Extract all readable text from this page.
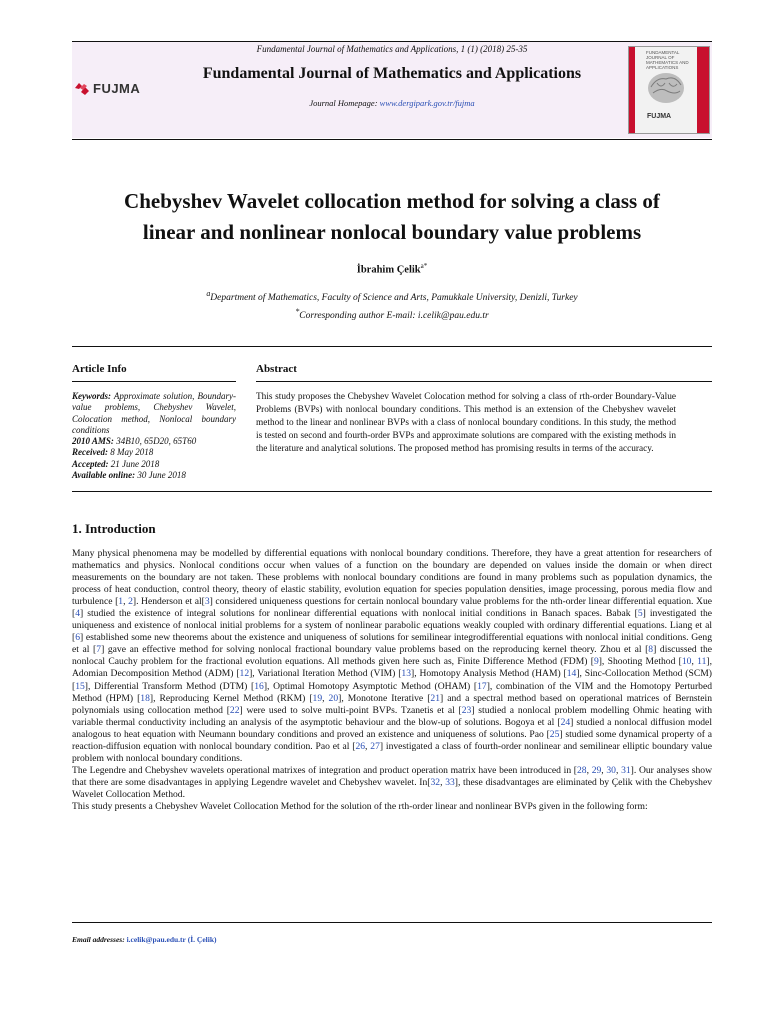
Fundamental Journal of Mathematics and Applications, 1 (1) (2018) 25-35
Fundamental Journal of Mathematics and Applications
Journal Homepage: www.dergipark.gov.tr/fujma
FUJMA
FUNDAMENTAL JOURNAL OF MATHEMATICS AND APPLICATIONS
FUJMA
Chebyshev Wavelet collocation method for solving a class of
linear and nonlinear nonlocal boundary value problems
İbrahim Çelik$^{a*}$
$^a$Department of Mathematics, Faculty of Science and Arts, Pamukkale University, Denizli, Turkey
*Corresponding author E-mail: i.celik@pau.edu.tr
Article Info	Abstract
Keywords: Approximate solution, Boundary-value problems, Chebyshev Wavelet, Colocation method, Nonlocal boundary conditions
2010 AMS: 34B10, 65D20, 65T60
Received: 8 May 2018
Accepted: 21 June 2018
Available online: 30 June 2018
This study proposes the Chebyshev Wavelet Colocation method for solving a class of rth-order Boundary-Value Problems (BVPs) with nonlocal boundary conditions. This method is an extension of the Chebyshev wavelet method to the linear and nonlinear BVPs with a class of nonlocal boundary conditions. In this study, the method is tested on second and fourth-order BVPs and approximate solutions are compared with the existing methods in the literature and analytical solutions. The proposed method has promising results in terms of the accuracy.
1. Introduction

Many physical phenomena may be modelled by differential equations with nonlocal boundary conditions. Therefore, they have a great attention for researchers of mathematics and physics. Nonlocal conditions occur when values of a function on the boundary are depended on values inside the domain or when direct measurements on the boundary are not taken. These problems with nonlocal boundary conditions are found in many problems such as population dynamics, the process of heat conduction, control theory, theory of elastic stability, evolution equation for species population densities, image processing, porous media flow and turbulence [1, 2]. Henderson et al[3] considered uniqueness questions for certain nonlocal boundary value problems for the nth-order linear differential equation. Xue [4] studied the existence of integral solutions for nonlinear differential equations with nonlocal initial conditions in Banach spaces. Babak [5] investigated the uniqueness and existence of nonlocal initial problems for a system of nonlinear parabolic equations weakly coupled with ordinary differential equations. Liang et al [6] established some new theorems about the existence and uniqueness of solutions for semilinear integrodifferential equations with nonlocal initial conditions. Geng et al [7] gave an effective method for solving nonlocal fractional boundary value problems based on the reproducing kernel theory. Zhou et al [8] discussed the nonlocal Cauchy problem for the fractional evolution equations. All methods given here such as, Finite Difference Method (FDM) [9], Shooting Method [10, 11], Adomian Decomposition Method (ADM) [12], Variational Iteration Method (VIM) [13], Homotopy Analysis Method (HAM) [14], Sinc-Collocation Method (SCM) [15], Differential Transform Method (DTM) [16], Optimal Homotopy Asymptotic Method (OHAM) [17], combination of the VIM and the Homotopy Perturbed Method (HPM) [18], Reproducing Kernel Method (RKM) [19, 20], Monotone Iterative [21] and a spectral method based on operational matrices of Bernstein polynomials using collocation method [22] were used to solve multi-point BVPs. Tzanetis et al [23] studied a nonlocal problem modelling Ohmic heating with variable thermal conductivity including an analysis of the asymptotic behaviour and the blow-up of solutions. Bogoya et al [24] studied a nonlocal diffusion model analogous to heat equation with Neumann boundary conditions and proved an existence and uniqueness of solutions. Pao [25] studied some dynamical property of a reaction-diffusion equation with nonlocal boundary condition. Pao et al [26, 27] investigated a class of fourth-order nonlinear and semilinear elliptic boundary value problem with nonlocal boundary conditions.

The Legendre and Chebyshev wavelets operational matrixes of integration and product operation matrix have been introduced in [28, 29, 30, 31]. Our analyses show that there are some disadvantages in applying Legendre wavelet and Chebyshev wavelet. In[32, 33], these disadvantages are eliminated by Çelik with the Chebyshev Wavelet Collocation Method.

This study presents a Chebyshev Wavelet Collocation Method for the solution of the rth-order linear and nonlinear BVPs given in the following form:

Email addresses: i.celik@pau.edu.tr (İ. Çelik)
